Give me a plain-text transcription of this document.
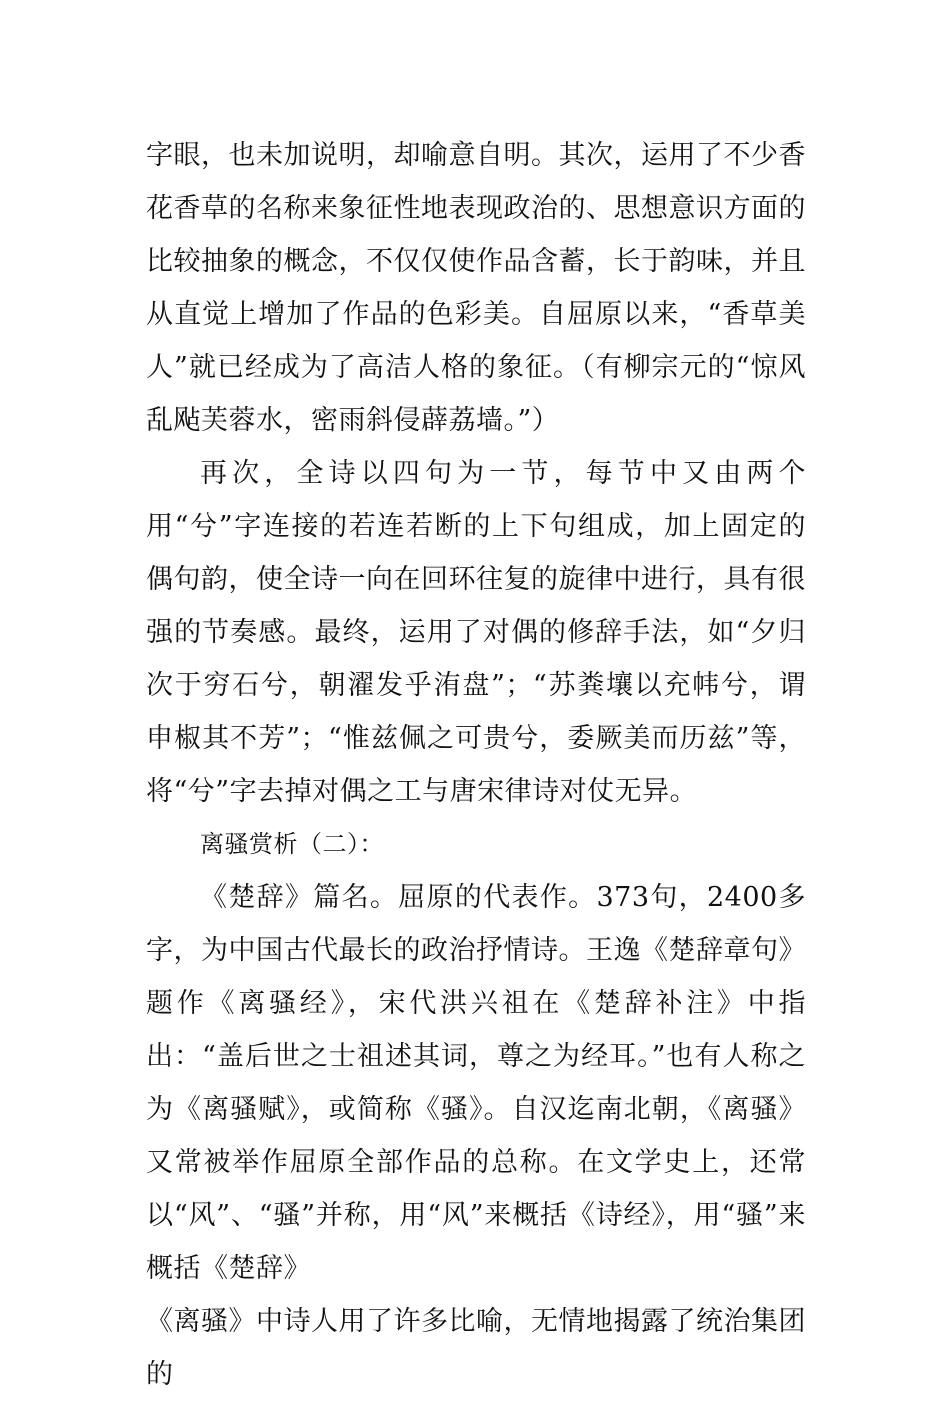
字眼，也未加说明，却喻意自明。其次，运用了不少香花香草的名称来象征性地表现政治的、思想意识方面的比较抽象的概念，不仅仅使作品含蓄，长于韵味，并且从直觉上增加了作品的色彩美。自屈原以来，“香草美人”就已经成为了高洁人格的象征。（有柳宗元的“惊风乱飐芙蓉水，密雨斜侵薜荔墙。”）

再次，全诗以四句为一节，每节中又由两个用“兮”字连接的若连若断的上下句组成，加上固定的偶句韵，使全诗一向在回环往复的旋律中进行，具有很强的节奏感。最终，运用了对偶的修辞手法，如“夕归次于穷石兮，朝濯发乎洧盘”；“苏粪壤以充帏兮，谓申椒其不芳”；“惟兹佩之可贵兮，委厥美而历兹”等，将“兮”字去掉对偶之工与唐宋律诗对仗无异。

离骚赏析（二）：

《楚辞》篇名。屈原的代表作。373句，2400多字，为中国古代最长的政治抒情诗。王逸《楚辞章句》题作《离骚经》，宋代洪兴祖在《楚辞补注》中指出：“盖后世之士祖述其词，尊之为经耳。”也有人称之为《离骚赋》，或简称《骚》。自汉迄南北朝，《离骚》又常被举作屈原全部作品的总称。在文学史上，还常以“风”、“骚”并称，用“风”来概括《诗经》，用“骚”来概括《楚辞》

《离骚》中诗人用了许多比喻，无情地揭露了统治集团的
